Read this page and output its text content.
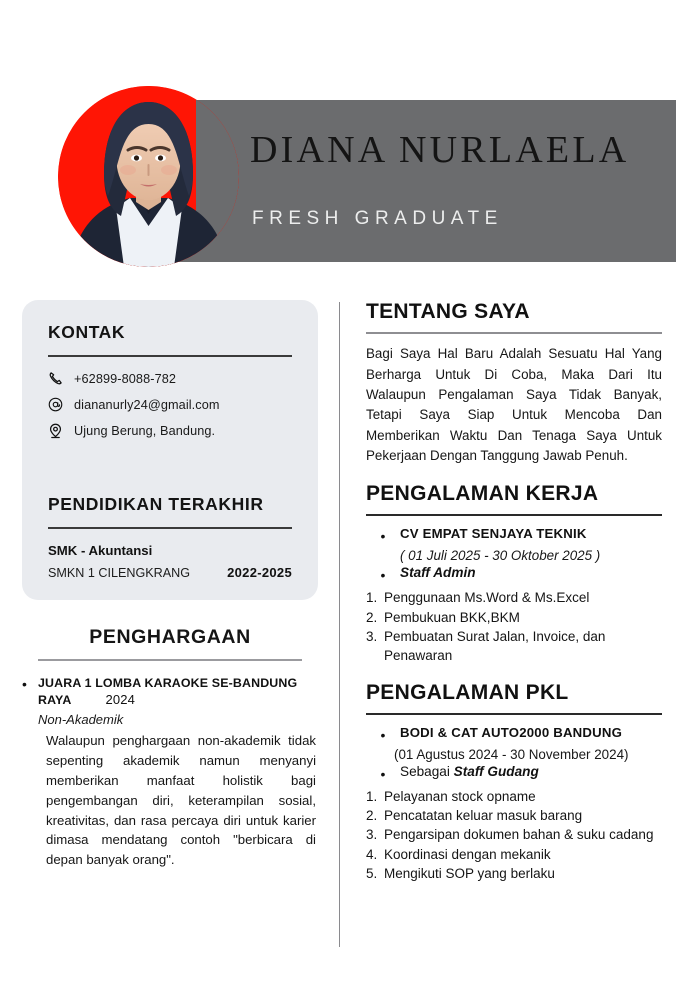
DIANA NURLAELA
FRESH GRADUATE
KONTAK
+62899-8088-782
diananurly24@gmail.com
Ujung Berung, Bandung.
PENDIDIKAN TERAKHIR
SMK - Akuntansi
SMKN 1 CILENGKRANG	2022-2025
PENGHARGAAN
• JUARA 1 LOMBA KARAOKE SE-BANDUNG RAYA	2024
Non-Akademik
Walaupun penghargaan non-akademik tidak sepenting akademik namun menyanyi memberikan manfaat holistik bagi pengembangan diri, keterampilan sosial, kreativitas, dan rasa percaya diri untuk karier dimasa mendatang contoh "berbicara di depan banyak orang".
TENTANG SAYA
Bagi Saya Hal Baru Adalah Sesuatu Hal Yang Berharga Untuk Di Coba, Maka Dari Itu Walaupun Pengalaman Saya Tidak Banyak, Tetapi Saya Siap Untuk Mencoba Dan Memberikan Waktu Dan Tenaga Saya Untuk Pekerjaan Dengan Tanggung Jawab Penuh.
PENGALAMAN KERJA
•	CV EMPAT SENJAYA TEKNIK
( 01 Juli 2025 - 30 Oktober 2025 )
•	Staff Admin
1. Penggunaan Ms.Word & Ms.Excel
2. Pembukuan BKK,BKM
3. Pembuatan Surat Jalan, Invoice, dan Penawaran
PENGALAMAN PKL
•	BODI & CAT AUTO2000 BANDUNG
(01 Agustus 2024 - 30 November 2024)
•	Sebagai Staff Gudang
1. Pelayanan stock opname
2. Pencatatan keluar masuk barang
3. Pengarsipan dokumen bahan & suku cadang
4. Koordinasi dengan mekanik
5. Mengikuti SOP yang berlaku
